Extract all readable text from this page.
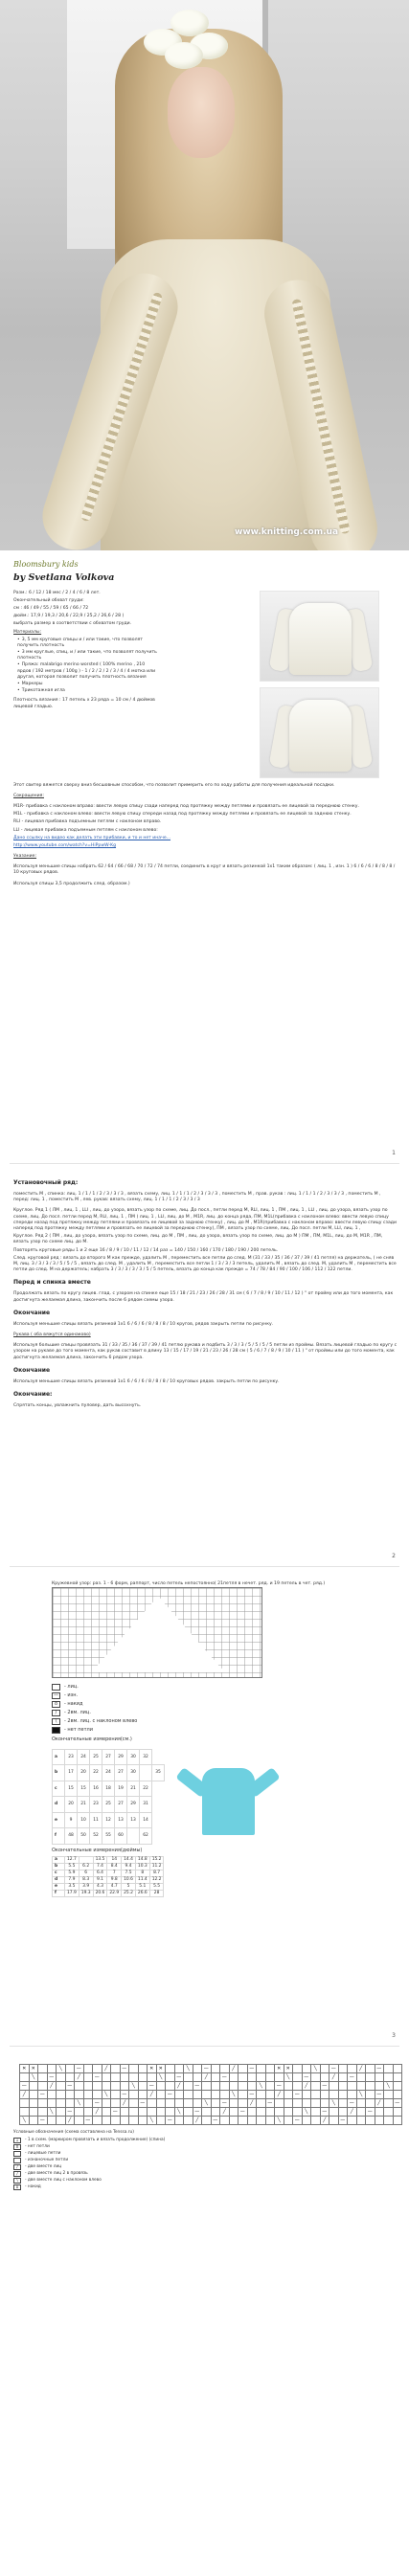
www.knitting.com.ua
Bloomsbury kids
by Svetlana Volkova
Разм.: 6 / 12 / 18 мес / 2 / 4 / 6 / 8 лет.
Окончательный обхват груди:
см : 46 / 49 / 55 / 59 / 65 / 66 / 72
дюйм.: 17,9 / 19,3 / 20,6 / 22,9 / 25,2 / 26,6 / 28 )
выбрать размер в соответствии с обхватом груди.
Материалы:
• 3, 5 мм круговые спицы и / или такие, что позволят получить плотность
• 3 мм круглые, спиц, и / или такие, что позволят получить плотность
• Пряжа: malabrigo merino worsted ( 100% merino , 210 ярдов / 192 метров / 100g ) - 1 / 2 / 2 / 2 / 3 / 4 / 4 мотка или другая, которая позволит получить плотность вязания
• Маркеры
• Трикотажная игла
Плотность вязания : 17 петель х 23 ряда = 10 см / 4 дюймов лицевой гладью.
Этот свитер вяжется сверху вниз бесшовным способом, что позволит примерить его по ходу работы для получения идеальной посадки.
Сокращения:
M1R- прибавка с наклоном вправо: ввести левую спицу сзади наперед под протяжку между петлями и провязать ее лицевой за переднюю стенку.
M1L - прибавка с наклоном влево: ввести левую спицу спереди назад под протяжку между петлями и провязать ее лицевой за заднюю стенку.
RLI - лицевая прибавка подъемным петлям с наклоном вправо.
LLI - лицевая прибавка подъемным петлям с наклоном влево:
Дано ссылку на видео как делать эти прибавки, и то и нет иначе...
http://www.youtube.com/watch?v=HiPpwW-Kg
Указание:
Используя меньшие спицы набрать 62 / 64 / 66 / 68 / 70 / 72 / 74 петли, соединить в круг и вязать резинкой 1х1 таким образом: ( лиц. 1 , изн. 1 ) 6 / 6 / 6 / 8 / 8 / 8 / 10 круговых рядов.
Используя спицы 3,5 продолжить след. образом.)
1
Установочный ряд:
поместить М , спинка: лиц. 1 / 1 / 1 / 2 / 3 / 3 / 3 , вязать схему, лиц. 1 / 1 / 1 / 2 / 3 / 3 / 3 , поместить М , пpав. рукав : лиц. 1 / 1 / 1 / 2 / 3 / 3 / 3 , поместить М , перед: лиц. 1 , поместить М , лев. рукав: вязать схему, лиц. 1 / 1 / 1 / 2 / 3 / 3 / 3
Круглое. Ряд 1 ( ЛМ , лиц. 1 , LLI , лиц. до узора, вязать узор по схеме, лиц. До посл., петли перед М, RLI, лиц. 1 , ПМ , лиц. 1 , LLI , лиц. до узора, вязать узор по схеме, лиц. До посл. петли перед М, RLI, лиц. 1 , ПМ ) лиц. 1 , LLI, лиц. до М , M1R, лиц. до конца ряда, ПМ, M1L(прибавка с наклоном влево: ввести левую спицу спереди назад под протяжку между петлями и провязать ее лицевой за заднюю стенку) , лиц. до М , M1R(прибавка с наклоном вправо: ввести левую спицу сзади наперед под протяжку между петлями и провязать ее лицевой за переднюю стенку), ПМ , вязать узор по схеме, лиц. До посл. петли М, LLI, лиц. 1 ,
Круглое. Ряд 2 ( ПМ , лиц. до узора, вязать узор по схеме, лиц. до М , ПМ , лиц. до узора, вязать узор по схеме, лиц. до М ) ПМ , ПМ, M1L, лиц. до М, M1R , ПМ, вязать узор по схеме лиц. до М.
Повторять круговые ряды 1 и 2 еще 16 / 8 / 9 / 10 / 11 / 12 / 14 раз = 140 / 150 / 160 / 170 / 180 / 190 / 200 петель.
След. круговой ряд : вязать до второго М как прежде, удалить М , переместить все петли до след. М (31 / 33 / 35 / 36 / 37 / 39 / 41 петля) на держатель, ( не сняв М, лиц. 3 / 3 / 3 / 3 / 5 / 5 / 5 , вязать до след. М , удалить М , переместить все петли 1 / 3 / 3 / 3 петель, удалить М , вязать до след. М, удалить М , переместить все петли до след. М на держатель; набрать 3 / 3 / 3 / 3 / 3 / 5 / 5 петель, вязать до конца как прежде = 74 / 78 / 84 / 90 / 100 / 106 / 112 / 122 петли.
Перед и спинка вместе
Продолжать вязать по кругу лицев. глад. с узором на спинке еще 15 / 18 / 21 / 23 / 26 / 28 / 31 см ( 6 / 7 / 8 / 9 / 10 / 11 / 12 ) " от пройму или до того момента, как достигнута желаемая длина, закончить после 6 рядом схемы узора.
Окончание
Используя меньшие спицы вязать резинкой 1х1 6 / 6 / 6 / 8 / 8 / 8 / 10 кругов, рядов закрыть петли по рисунку.
Рукава ( оба вяжутся одинаково)
Используя большие спицы провязать 31 / 33 / 35 / 36 / 37 / 39 / 41 петлю рукава и подбить 3 / 3 / 3 / 5 / 5 / 5 / 5 петли из проймы. Вязать лицевой гладью по кругу с узором на рукаве до того момента, как рукав составит в длину 13 / 15 / 17 / 19 / 21 / 23 / 26 / 28 см ( 5 / 6 / 7 / 8 / 9 / 10 / 11 ) " от проймы или до того момента, как достигнута желаемая длина, закончить 6 рядом узора.
Окончание
Используя меньшие спицы вязать резинкой 1х1 6 / 6 / 6 / 8 / 8 / 8 / 10 круговых рядов. закрыть петли по рисунку.
Окончание:
Спрятать концы, увлажнить пуловер, дать высохнуть.
2
Кружевной узор: раз. 1 - 6 форм, раппорт, число петель непостоянно( 21петля в нечет. ряд. и 19 петель в чет. ряд.)
- лиц.
—	- изн.
o	- накид
/	- 2вм. лиц.
\	- 2вм. лиц. с наклоном влево
- нет петли
Окончательные измерения(см.)
a	23	24	25	27	29	30	32	
b	17	20	22	24	27	30		35
c	15	15	16	18	19	21	22	
d	20	21	23	25	27	29	31	
e	9	10	11	12	13	13	14	
f	48	50	52	55	60		62	
Окончательные измерения(дюймы)
a	12.7		13.5	14	14.4	14.8	15.2
b	5.5	6.2	7.4	8.4	9.4	10.3	11.2
c	5.9	6	6.4	7	7.5	8	8.7
d	7.9	8.3	9.1	9.8	10.6	11.4	12.2
e	3.5	3.9	4.3	4.7	5	5.1	5.5
f	17.9	19.3	20.6	22.9	25.2	26.6	28
3
✕	✕			╲		—			╱		—			✕	✕			╲		—			╱		—			✕	✕			╲		—			╱		—		
	╲		—			╱		—							╲		—			╱		—							╲		—			╱		—					
—			╱		—							╲		—			╱		—							╲		—			╱		—							╲	
╱		—							╲		—			╱		—							╲		—			╱		—							╲		—		
						╲		—			╱		—							╲		—			╱		—							╲		—			╱		—
			╲		—			╱		—							╲		—			╱		—							╲		—			╱		—			
╲		—			╱		—							╲		—			╱		—							╲		—			╱		—						
Условные обозначения (схема составлена на Tenssa.ru)
↓	- 1 в схем. (маркиром провязать и вязать продолжение) (спина)
X	- нет петли
- лицевые петли
- изнаночные петли
/	- две вместе лиц
/	- две вместе лиц 2 в провязь
\	- две вместе лиц с наклоном влево
o	- накид
